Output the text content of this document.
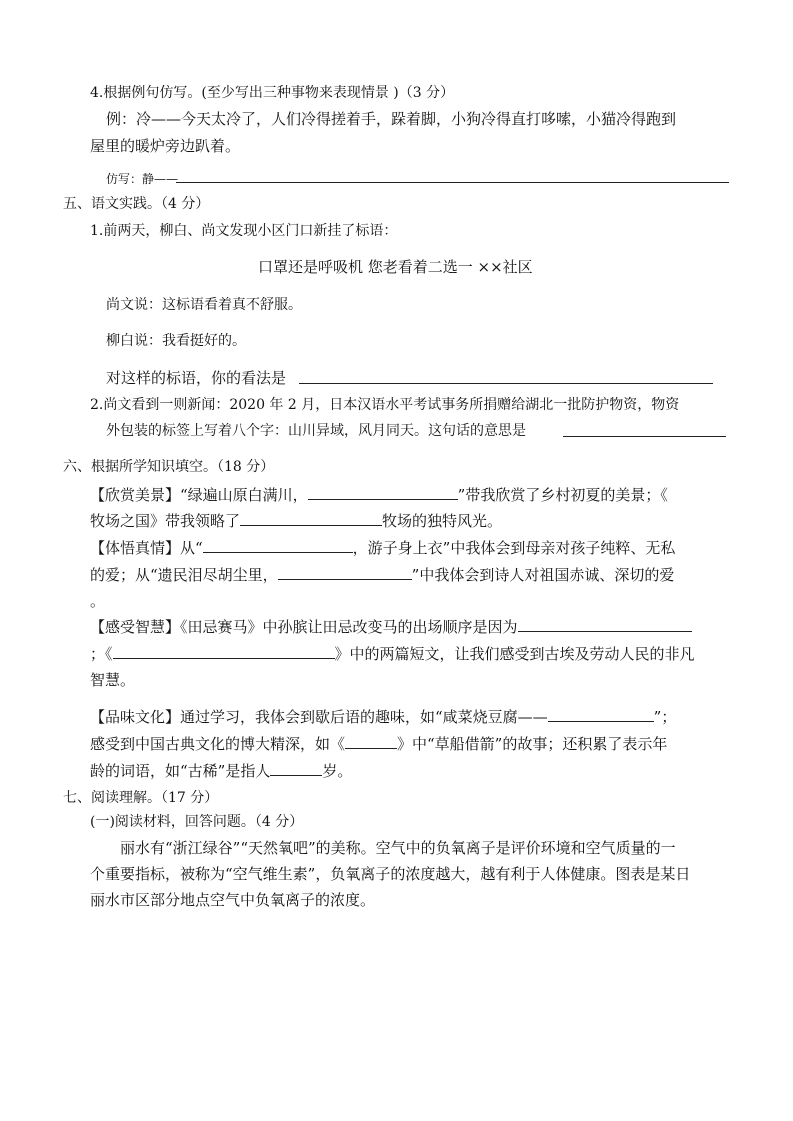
4.根据例句仿写。(至少写出三种事物来表现情景 )（3 分）
例：冷——今天太冷了，人们冷得搓着手，跺着脚，小狗冷得直打哆嗦，小猫冷得跑到
屋里的暖炉旁边趴着。
仿写：静——
五、语文实践。（4 分）
1.前两天，柳白、尚文发现小区门口新挂了标语：
口罩还是呼吸机 您老看着二选一 ××社区
尚文说：这标语看着真不舒服。
柳白说：我看挺好的。
对这样的标语，你的看法是
2.尚文看到一则新闻：2020 年 2 月，日本汉语水平考试事务所捐赠给湖北一批防护物资，物资
外包装的标签上写着八个字：山川异域，风月同天。这句话的意思是
六、根据所学知识填空。（18 分）
【欣赏美景】“绿遍山原白满川，	”带我欣赏了乡村初夏的美景；《
牧场之国》带我领略了	牧场的独特风光。
【体悟真情】从“	，游子身上衣”中我体会到母亲对孩子纯粹、无私
的爱；从“遗民泪尽胡尘里，	”中我体会到诗人对祖国赤诚、深切的爱
。
【感受智慧】《田忌赛马》中孙膑让田忌改变马的出场顺序是因为
；《	》中的两篇短文，让我们感受到古埃及劳动人民的非凡
智慧。
【品味文化】通过学习，我体会到歇后语的趣味，如“咸菜烧豆腐——	”；
感受到中国古典文化的博大精深，如《	》中“草船借箭”的故事；还积累了表示年
龄的词语，如“古稀”是指人	岁。
七、阅读理解。（17 分）
(一)阅读材料，回答问题。（4 分）
丽水有“浙江绿谷”“天然氧吧”的美称。空气中的负氧离子是评价环境和空气质量的一
个重要指标，被称为“空气维生素”，负氧离子的浓度越大，越有利于人体健康。图表是某日
丽水市区部分地点空气中负氧离子的浓度。
